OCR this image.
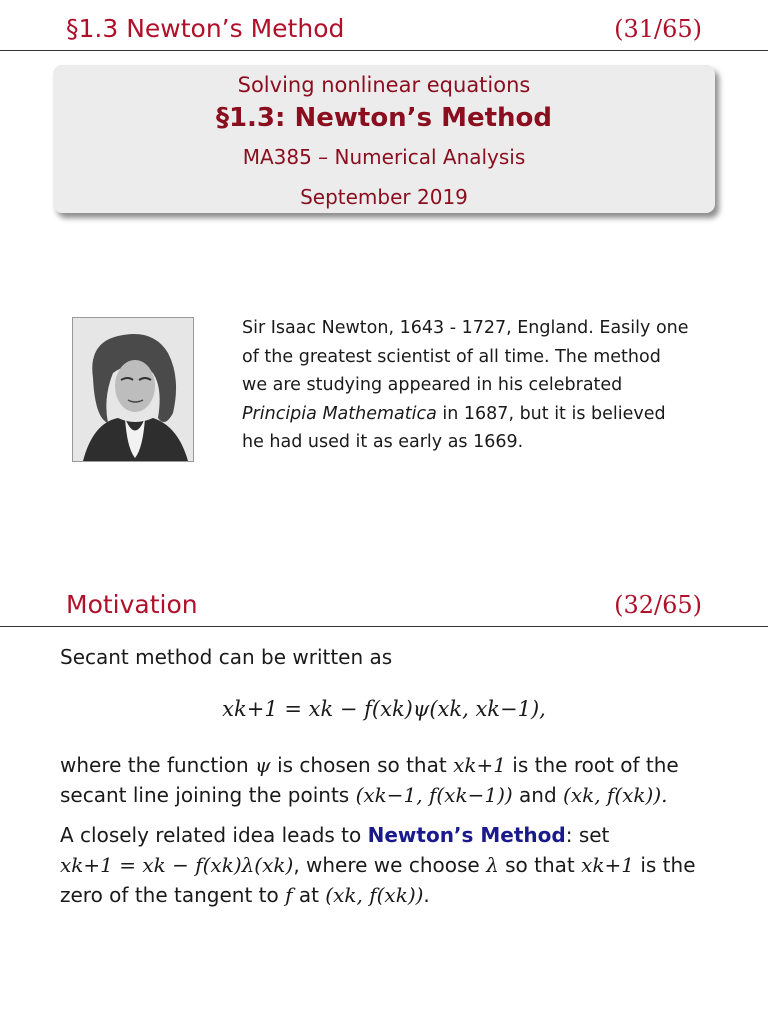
§1.3 Newton’s Method	(31/65)
Solving nonlinear equations
§1.3: Newton’s Method
MA385 – Numerical Analysis
September 2019
Sir Isaac Newton, 1643 - 1727, England. Easily one
of the greatest scientist of all time. The method
we are studying appeared in his celebrated
Principia Mathematica in 1687, but it is believed
he had used it as early as 1669.
Motivation	(32/65)
Secant method can be written as
xk+1 = xk − f(xk)ψ(xk, xk−1),
where the function ψ is chosen so that xk+1 is the root of the
secant line joining the points (xk−1, f(xk−1)) and (xk, f(xk)).
A closely related idea leads to Newton’s Method: set
xk+1 = xk − f(xk)λ(xk), where we choose λ so that xk+1 is the
zero of the tangent to f at (xk, f(xk)).
